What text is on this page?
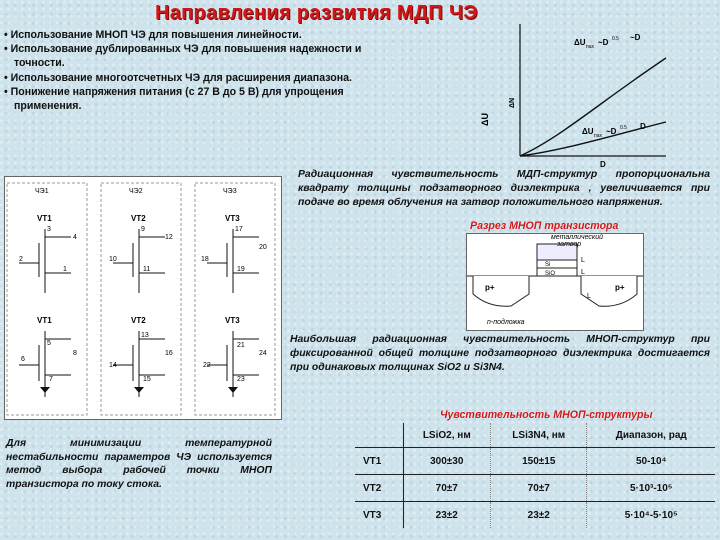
Направления развития МДП ЧЭ
• Использование МНОП ЧЭ для повышения линейности.
• Использование дублированных ЧЭ для повышения надежности и точности.
• Использование многоотсчетных ЧЭ для расширения диапазона.
• Понижение напряжения питания (с 27 В до 5 В) для упрощения применения.
ΔU
ΔN
D
ΔU пах ~D 0.5 ~D
ΔU пах ~D 0.5 D
Радиационная чувствительность МДП-структур пропорциональна квадрату толщины подзатворного диэлектрика , увеличивается при подаче во время облучения на затвор положительного напряжения.
Разрез МНОП транзистора
металлический
затвор
Si
SiO
L
L
p+	p+
L
n-подложка
ЧЭ1	ЧЭ2	ЧЭ3
VT1	VT2	VT3
VT1	VT2	VT3
3
4
2
1
9
12
10
11
17
20
18
19
5
8
6
7
13
16
14
15
21
24
22
23
Наибольшая радиационная чувствительность МНОП-структур при фиксированной общей толщине подзатворного диэлектрика достигается при одинаковых толщинах SiO2 и Si3N4.
Чувствительность МНОП-структуры
	LSiO2, нм	LSi3N4, нм	Диапазон, рад
VT1	300±30	150±15	50-10⁴
VT2	70±7	70±7	5·10³-10⁵
VT3	23±2	23±2	5·10⁴-5·10⁵
Для минимизации температурной нестабильности параметров ЧЭ используется метод выбора рабочей точки МНОП транзистора по току стока.
